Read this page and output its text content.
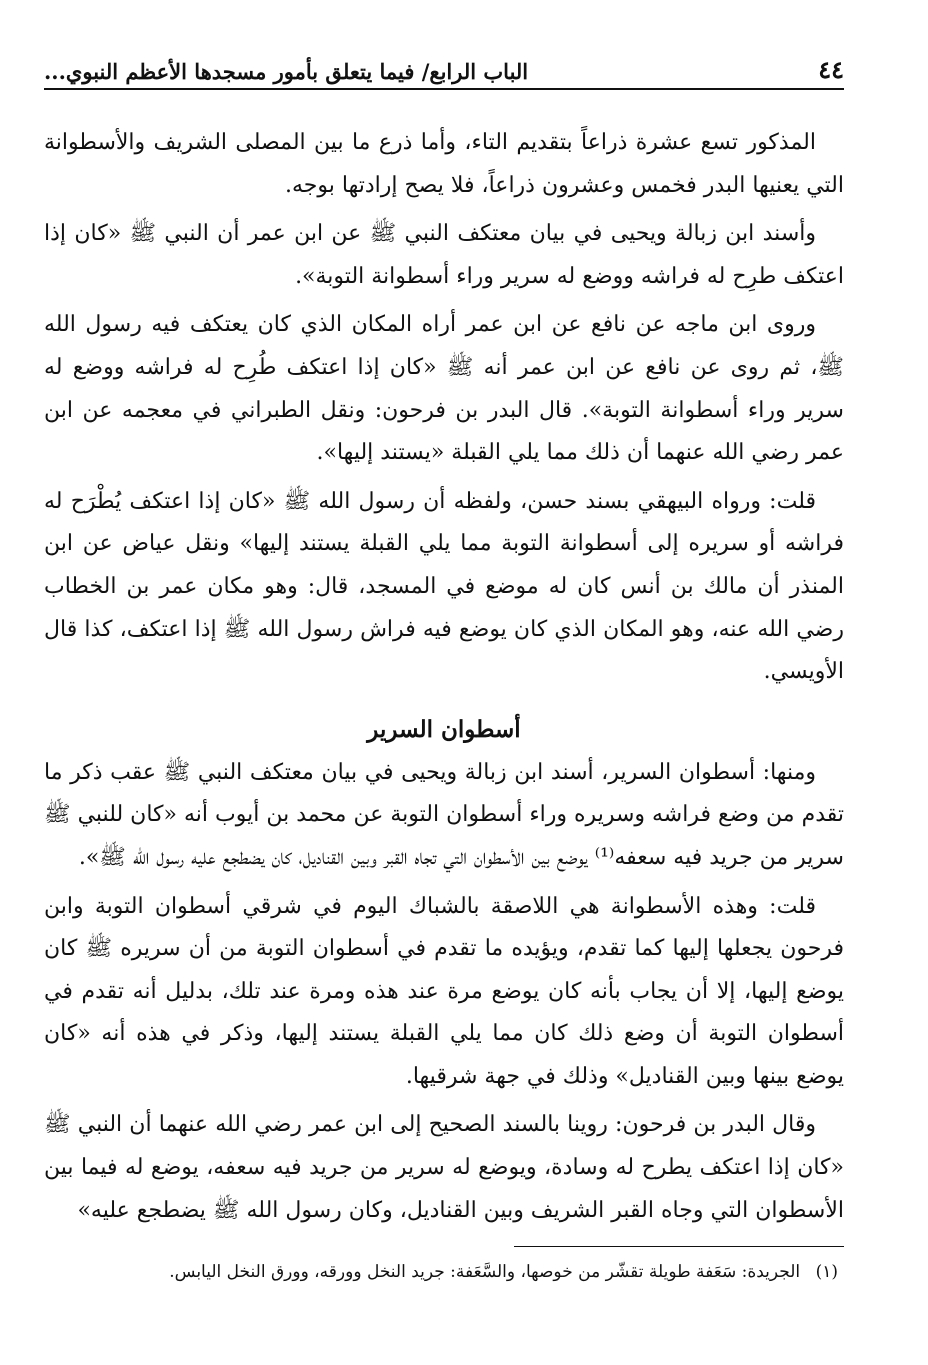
٤٤
الباب الرابع/ فيما يتعلق بأمور مسجدها الأعظم النبوي...

المذكور تسع عشرة ذراعاً بتقديم التاء، وأما ذرع ما بين المصلى الشريف والأسطوانة التي يعنيها البدر فخمس وعشرون ذراعاً، فلا يصح إرادتها بوجه.

وأسند ابن زبالة ويحيى في بيان معتكف النبي ﷺ عن ابن عمر أن النبي ﷺ «كان إذا اعتكف طرِح له فراشه ووضع له سرير وراء أسطوانة التوبة».

وروى ابن ماجه عن نافع عن ابن عمر أراه المكان الذي كان يعتكف فيه رسول الله ﷺ، ثم روى عن نافع عن ابن عمر أنه ﷺ «كان إذا اعتكف طُرِح له فراشه ووضع له سرير وراء أسطوانة التوبة». قال البدر بن فرحون: ونقل الطبراني في معجمه عن ابن عمر رضي الله عنهما أن ذلك مما يلي القبلة «يستند إليها».

قلت: ورواه البيهقي بسند حسن، ولفظه أن رسول الله ﷺ «كان إذا اعتكف يُطْرَح له فراشه أو سريره إلى أسطوانة التوبة مما يلي القبلة يستند إليها» ونقل عياض عن ابن المنذر أن مالك بن أنس كان له موضع في المسجد، قال: وهو مكان عمر بن الخطاب رضي الله عنه، وهو المكان الذي كان يوضع فيه فراش رسول الله ﷺ إذا اعتكف، كذا قال الأويسي.

أسطوان السرير

ومنها: أسطوان السرير، أسند ابن زبالة ويحيى في بيان معتكف النبي ﷺ عقب ذكر ما تقدم من وضع فراشه وسريره وراء أسطوان التوبة عن محمد بن أيوب أنه «كان للنبي ﷺ سرير من جريد فيه سعفه⁽¹⁾ يوضع بين الأسطوان التي تجاه القبر وبين القناديل، كان يضطجع عليه رسول الله ﷺ».

قلت: وهذه الأسطوانة هي اللاصقة بالشباك اليوم في شرقي أسطوان التوبة وابن فرحون يجعلها إليها كما تقدم، ويؤيده ما تقدم في أسطوان التوبة من أن سريره ﷺ كان يوضع إليها، إلا أن يجاب بأنه كان يوضع مرة عند هذه ومرة عند تلك، بدليل أنه تقدم في أسطوان التوبة أن وضع ذلك كان مما يلي القبلة يستند إليها، وذكر في هذه أنه «كان يوضع بينها وبين القناديل» وذلك في جهة شرقيها.

وقال البدر بن فرحون: روينا بالسند الصحيح إلى ابن عمر رضي الله عنهما أن النبي ﷺ «كان إذا اعتكف يطرح له وسادة، ويوضع له سرير من جريد فيه سعفه، يوضع له فيما بين الأسطوان التي وجاه القبر الشريف وبين القناديل، وكان رسول الله ﷺ يضطجع عليه»

(١) الجريدة: سَعَفة طويلة تقشّر من خوصها، والسَّعَفة: جريد النخل وورقه، وورق النخل اليابس.
